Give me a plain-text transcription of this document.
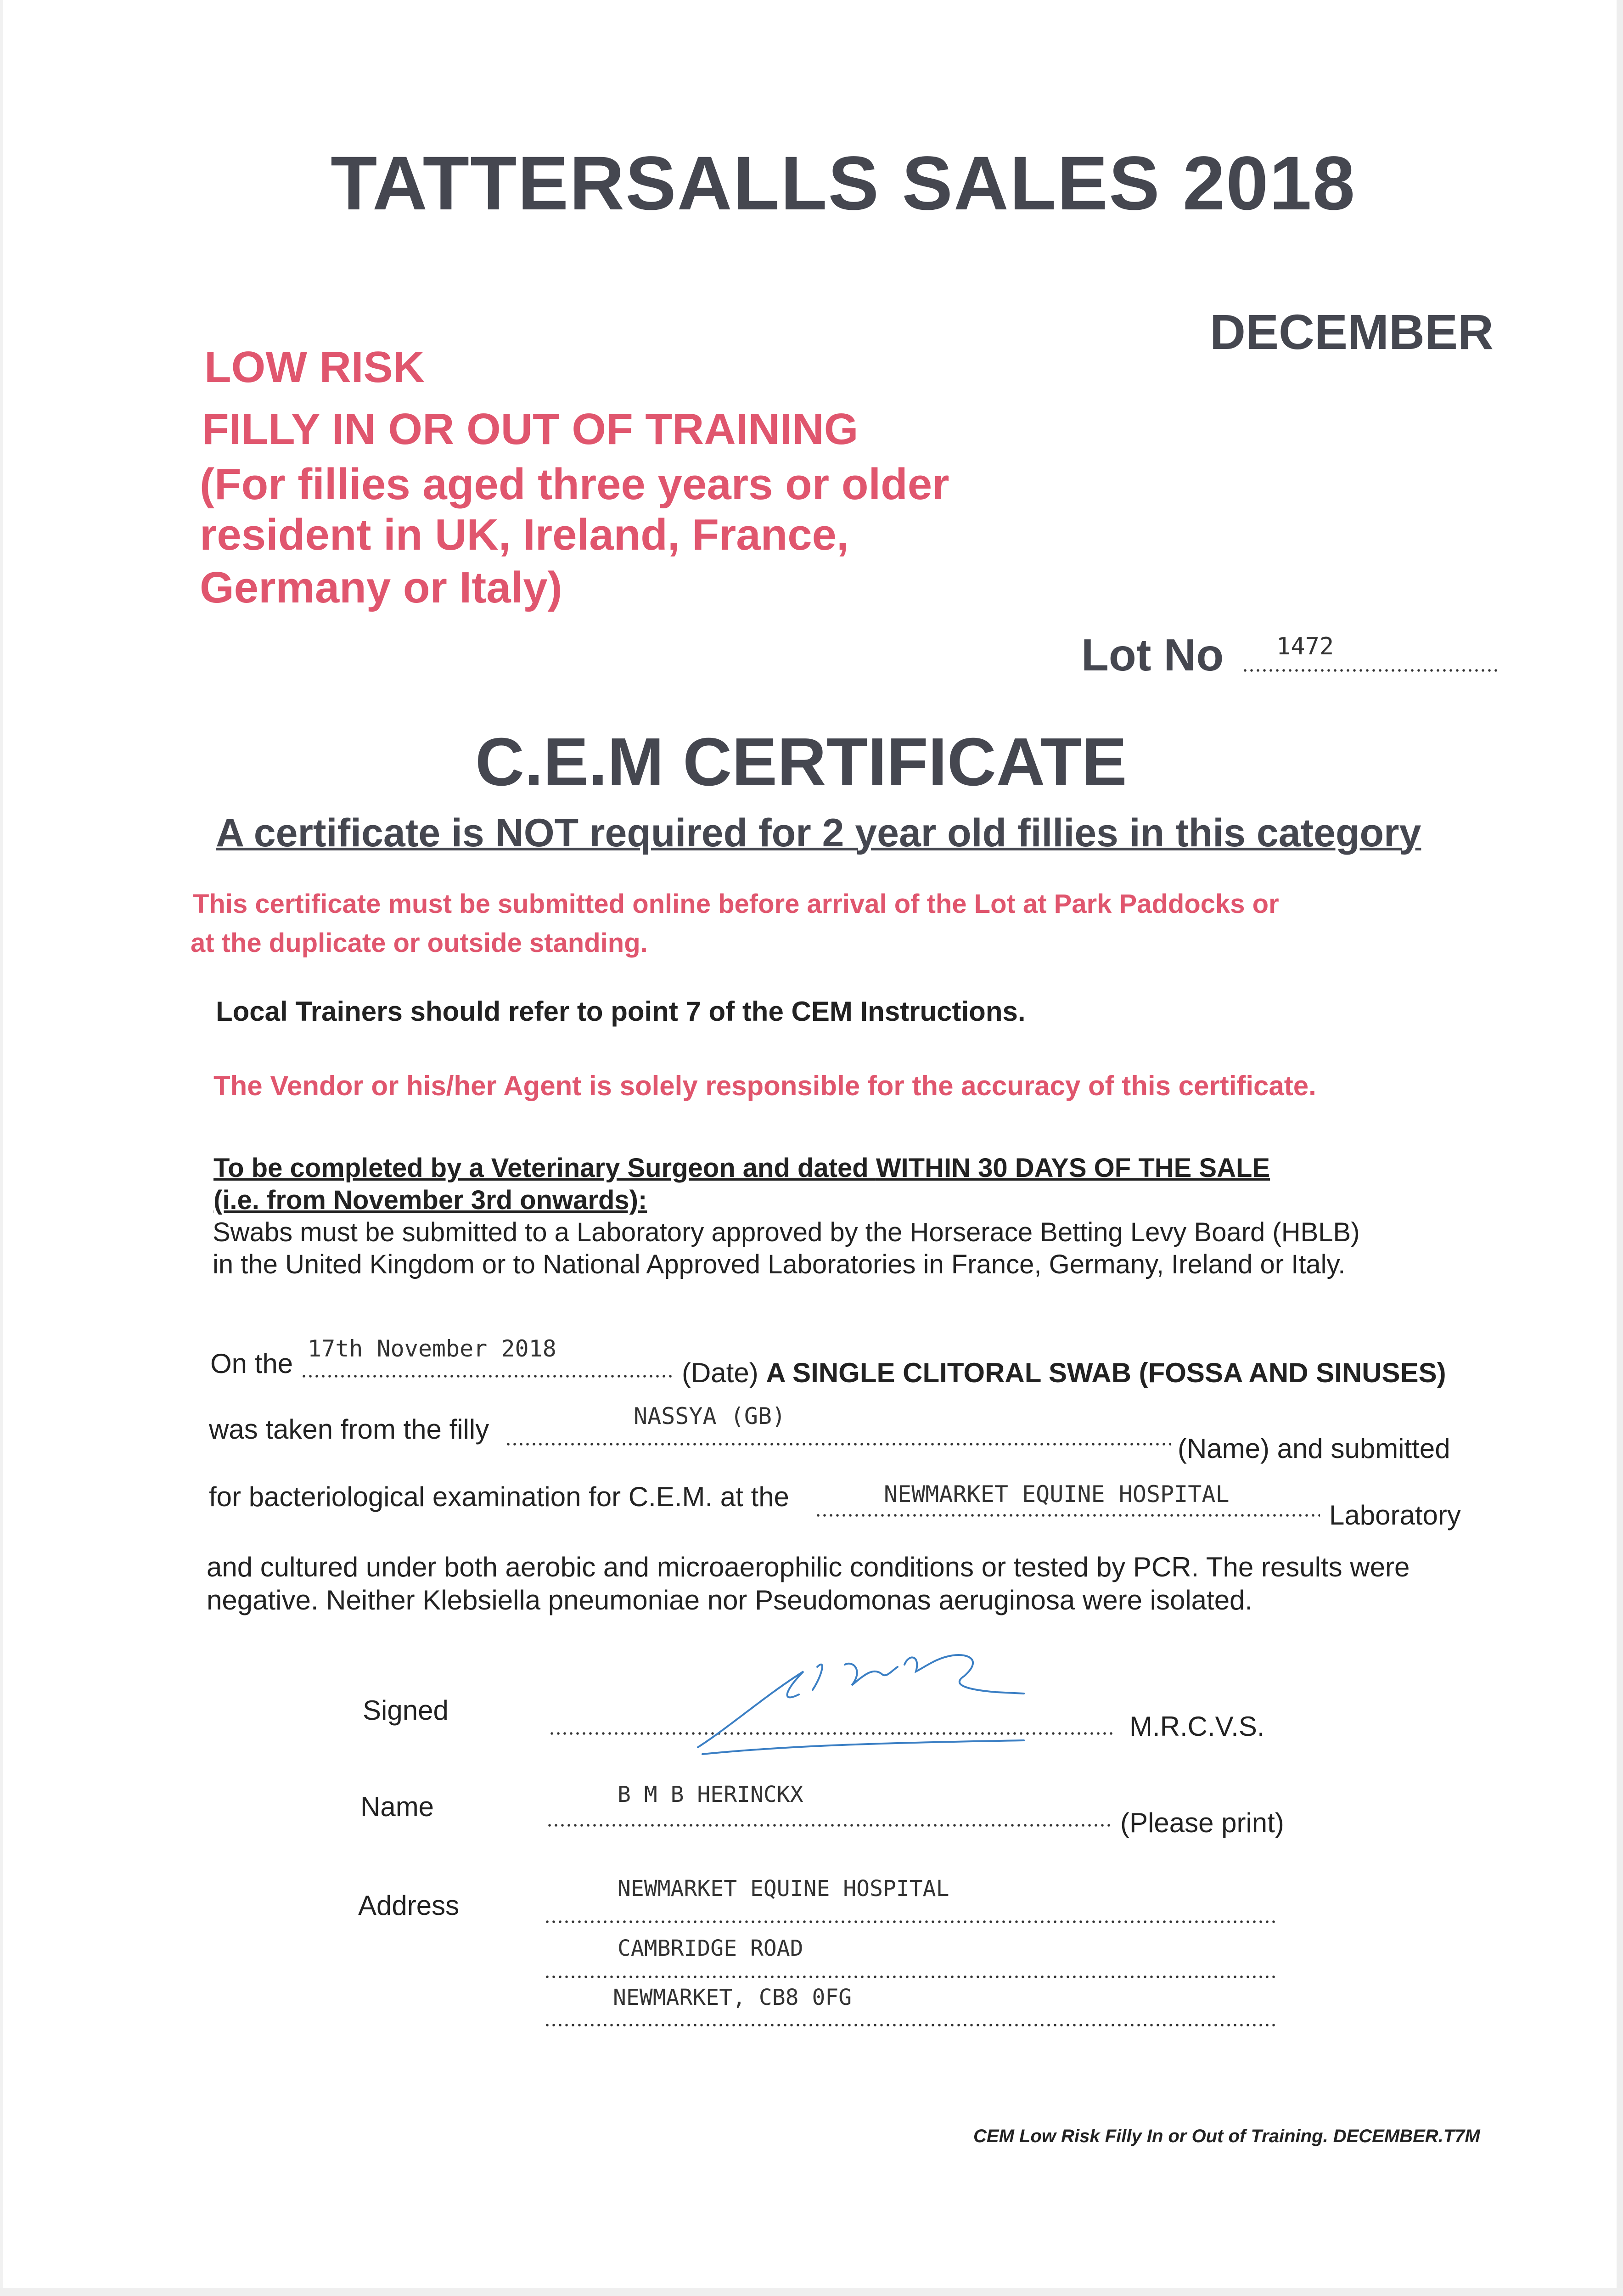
TATTERSALLS SALES 2018
DECEMBER
LOW RISK
FILLY IN OR OUT OF TRAINING
(For fillies aged three years or older
resident in UK, Ireland, France,
Germany or Italy)
Lot No 1472
C.E.M CERTIFICATE
A certificate is NOT required for 2 year old fillies in this category
This certificate must be submitted online before arrival of the Lot at Park Paddocks or
at the duplicate or outside standing.
Local Trainers should refer to point 7 of the CEM Instructions.
The Vendor or his/her Agent is solely responsible for the accuracy of this certificate.
To be completed by a Veterinary Surgeon and dated WITHIN 30 DAYS OF THE SALE
(i.e. from November 3rd onwards):
Swabs must be submitted to a Laboratory approved by the Horserace Betting Levy Board (HBLB)
in the United Kingdom or to National Approved Laboratories in France, Germany, Ireland or Italy.
On the 17th November 2018
(Date) A SINGLE CLITORAL SWAB (FOSSA AND SINUSES)
was taken from the filly	NASSYA (GB)
(Name) and submitted
for bacteriological examination for C.E.M. at the	NEWMARKET EQUINE HOSPITAL
Laboratory
and cultured under both aerobic and microaerophilic conditions or tested by PCR. The results were
negative. Neither Klebsiella pneumoniae nor Pseudomonas aeruginosa were isolated.
Signed
M.R.C.V.S.
Name	B M B HERINCKX
(Please print)
Address
NEWMARKET EQUINE HOSPITAL
CAMBRIDGE ROAD
NEWMARKET, CB8 0FG
CEM Low Risk Filly In or Out of Training. DECEMBER.T7M
